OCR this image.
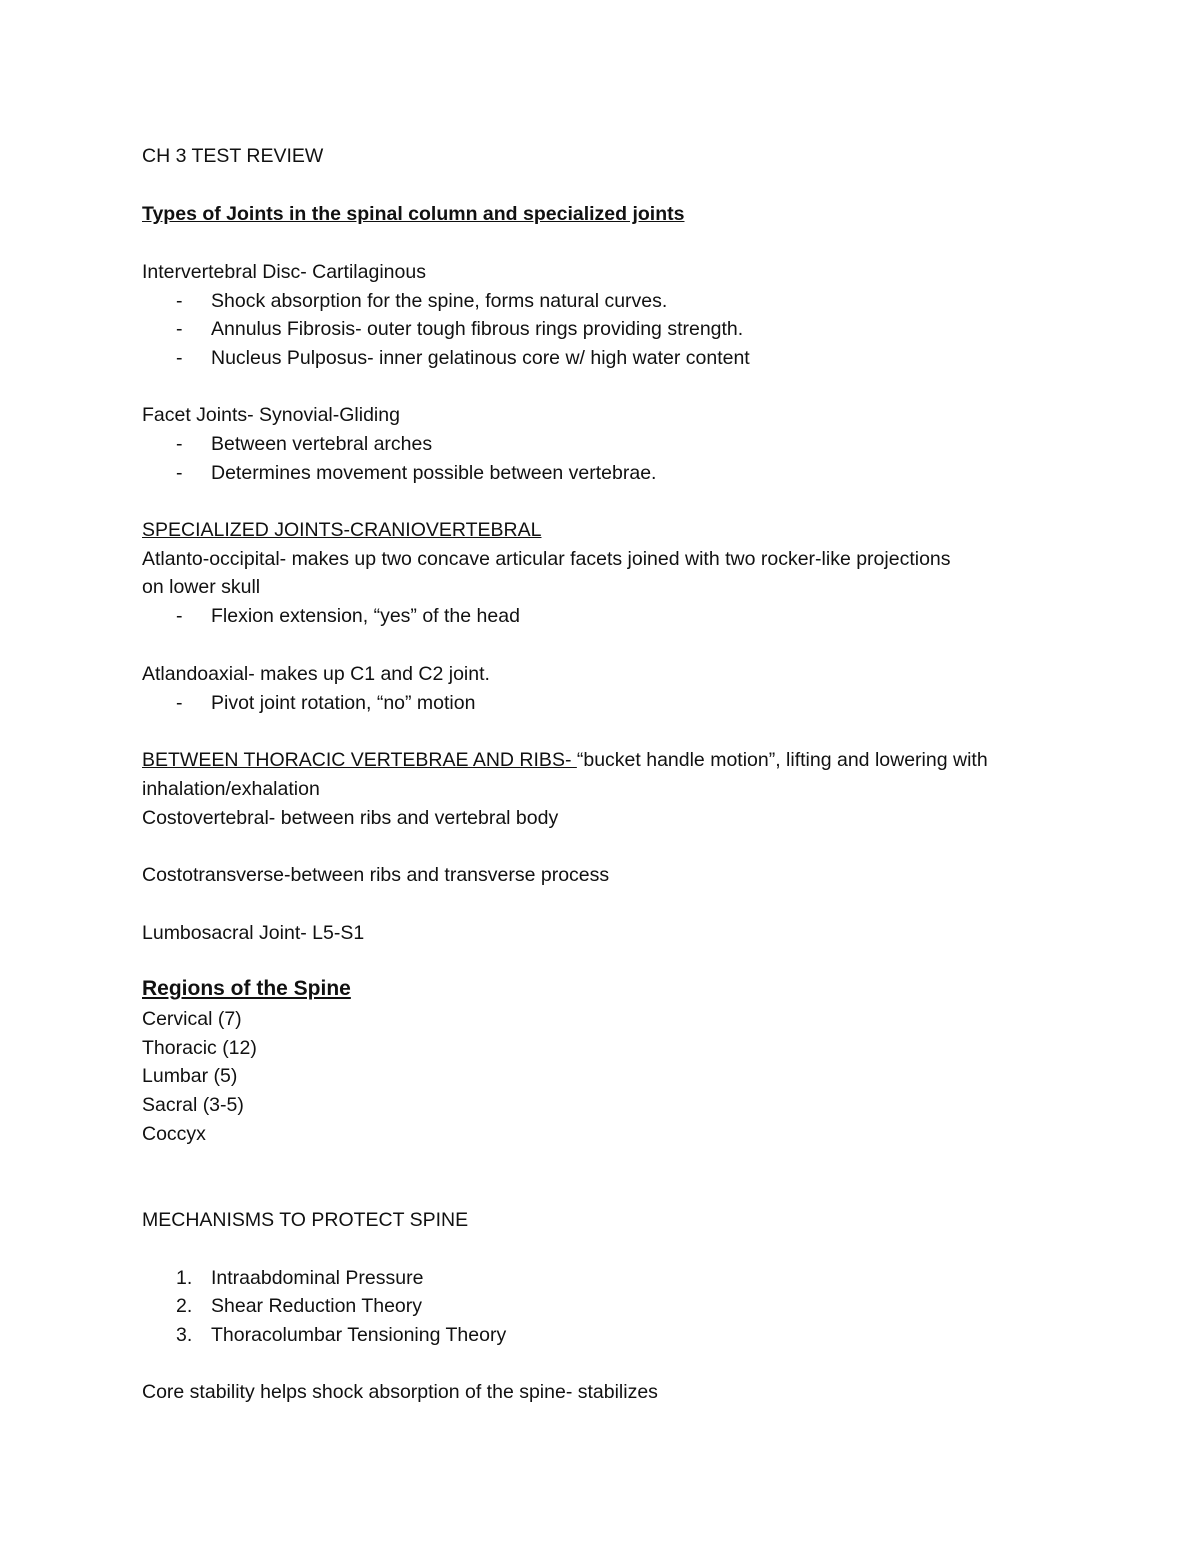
CH 3 TEST REVIEW

Types of Joints in the spinal column and specialized joints

Intervertebral Disc- Cartilaginous

-	Shock absorption for the spine, forms natural curves.
-	Annulus Fibrosis- outer tough fibrous rings providing strength.
-	Nucleus Pulposus- inner gelatinous core w/ high water content

Facet Joints- Synovial-Gliding

-	Between vertebral arches
-	Determines movement possible between vertebrae.

SPECIALIZED JOINTS-CRANIOVERTEBRAL

Atlanto-occipital- makes up two concave articular facets joined with two rocker-like projections

on lower skull

-	Flexion extension, “yes” of the head

Atlandoaxial- makes up C1 and C2 joint.

-	Pivot joint rotation, “no” motion

BETWEEN THORACIC VERTEBRAE AND RIBS- “bucket handle motion”, lifting and lowering with

inhalation/exhalation

Costovertebral- between ribs and vertebral body

Costotransverse-between ribs and transverse process

Lumbosacral Joint- L5-S1

Regions of the Spine

Cervical (7)

Thoracic (12)

Lumbar (5)

Sacral (3-5)

Coccyx

MECHANISMS TO PROTECT SPINE

1. Intraabdominal Pressure
2. Shear Reduction Theory
3. Thoracolumbar Tensioning Theory

Core stability helps shock absorption of the spine- stabilizes
